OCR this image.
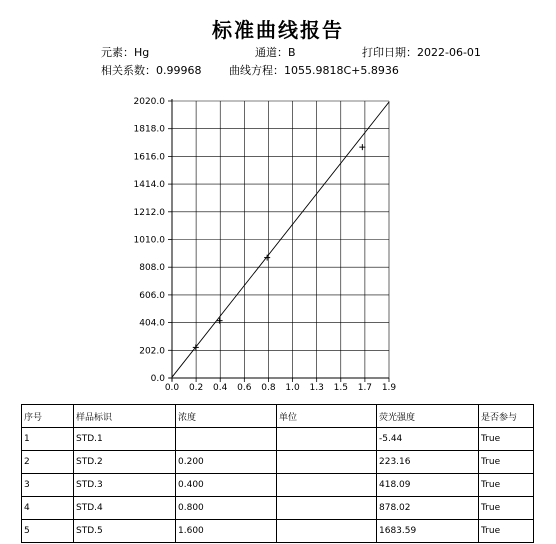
标准曲线报告
元素：Hg	通道：B	打印日期：2022-06-01
相关系数：0.99968	曲线方程：1055.9818C+5.8936
0.0
202.0
404.0
606.0
808.0
1010.0
1212.0
1414.0
1616.0
1818.0
2020.0
0.0 0.2 0.4 0.6 0.8 1.0 1.3 1.5 1.7 1.9
序号	样品标识	浓度	单位	荧光强度	是否参与
1	STD.1			-5.44	True
2	STD.2	0.200		223.16	True
3	STD.3	0.400		418.09	True
4	STD.4	0.800		878.02	True
5	STD.5	1.600		1683.59	True
